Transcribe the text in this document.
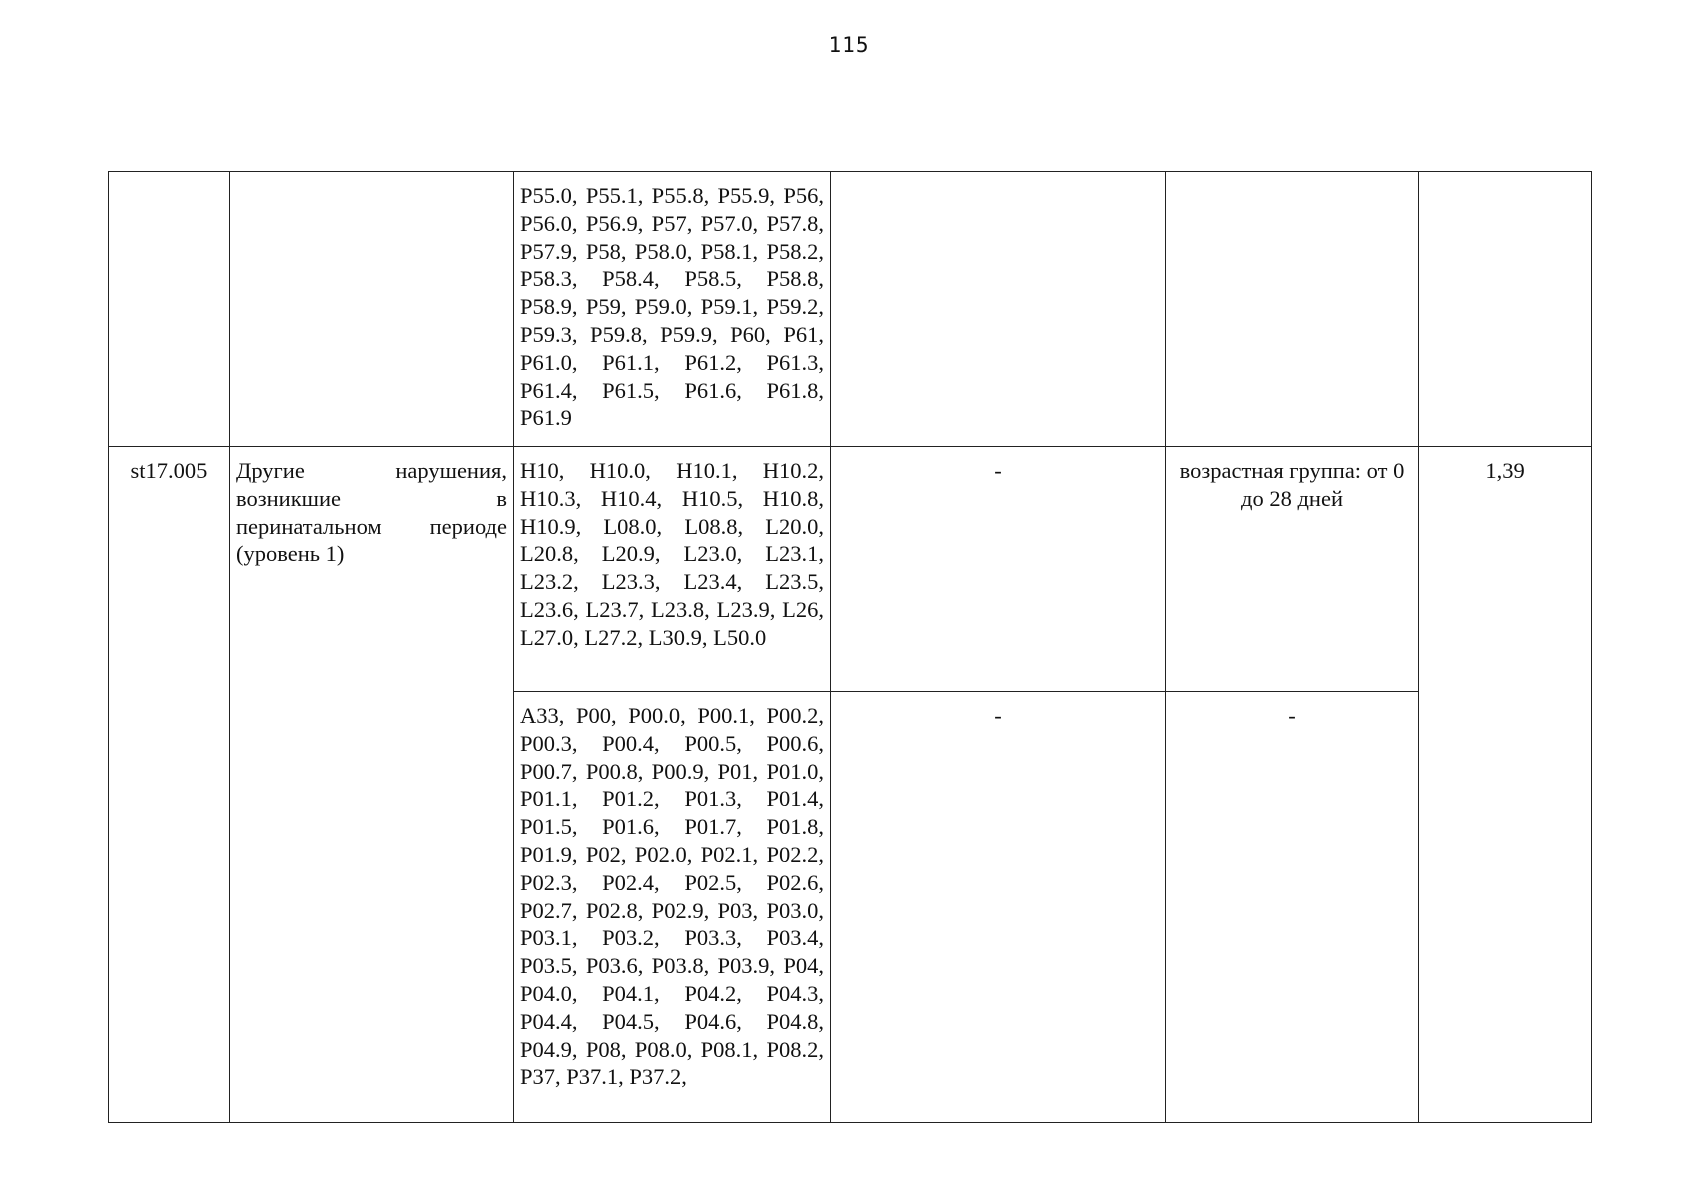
115

		P55.0, P55.1, P55.8, P55.9, P56, P56.0, P56.9, P57, P57.0, P57.8, P57.9, P58, P58.0, P58.1, P58.2, P58.3, P58.4, P58.5, P58.8, P58.9, P59, P59.0, P59.1, P59.2, P59.3, P59.8, P59.9, P60, P61, P61.0, P61.1, P61.2, P61.3, P61.4, P61.5, P61.6, P61.8, P61.9			

st17.005	Другие нарушения, возникшие в перинатальном периоде (уровень 1)	H10, H10.0, H10.1, H10.2, H10.3, H10.4, H10.5, H10.8, H10.9, L08.0, L08.8, L20.0, L20.8, L20.9, L23.0, L23.1, L23.2, L23.3, L23.4, L23.5, L23.6, L23.7, L23.8, L23.9, L26, L27.0, L27.2, L30.9, L50.0	-	возрастная группа: от 0 до 28 дней	1,39

		A33, P00, P00.0, P00.1, P00.2, P00.3, P00.4, P00.5, P00.6, P00.7, P00.8, P00.9, P01, P01.0, P01.1, P01.2, P01.3, P01.4, P01.5, P01.6, P01.7, P01.8, P01.9, P02, P02.0, P02.1, P02.2, P02.3, P02.4, P02.5, P02.6, P02.7, P02.8, P02.9, P03, P03.0, P03.1, P03.2, P03.3, P03.4, P03.5, P03.6, P03.8, P03.9, P04, P04.0, P04.1, P04.2, P04.3, P04.4, P04.5, P04.6, P04.8, P04.9, P08, P08.0, P08.1, P08.2, P37, P37.1, P37.2,	-	-	
